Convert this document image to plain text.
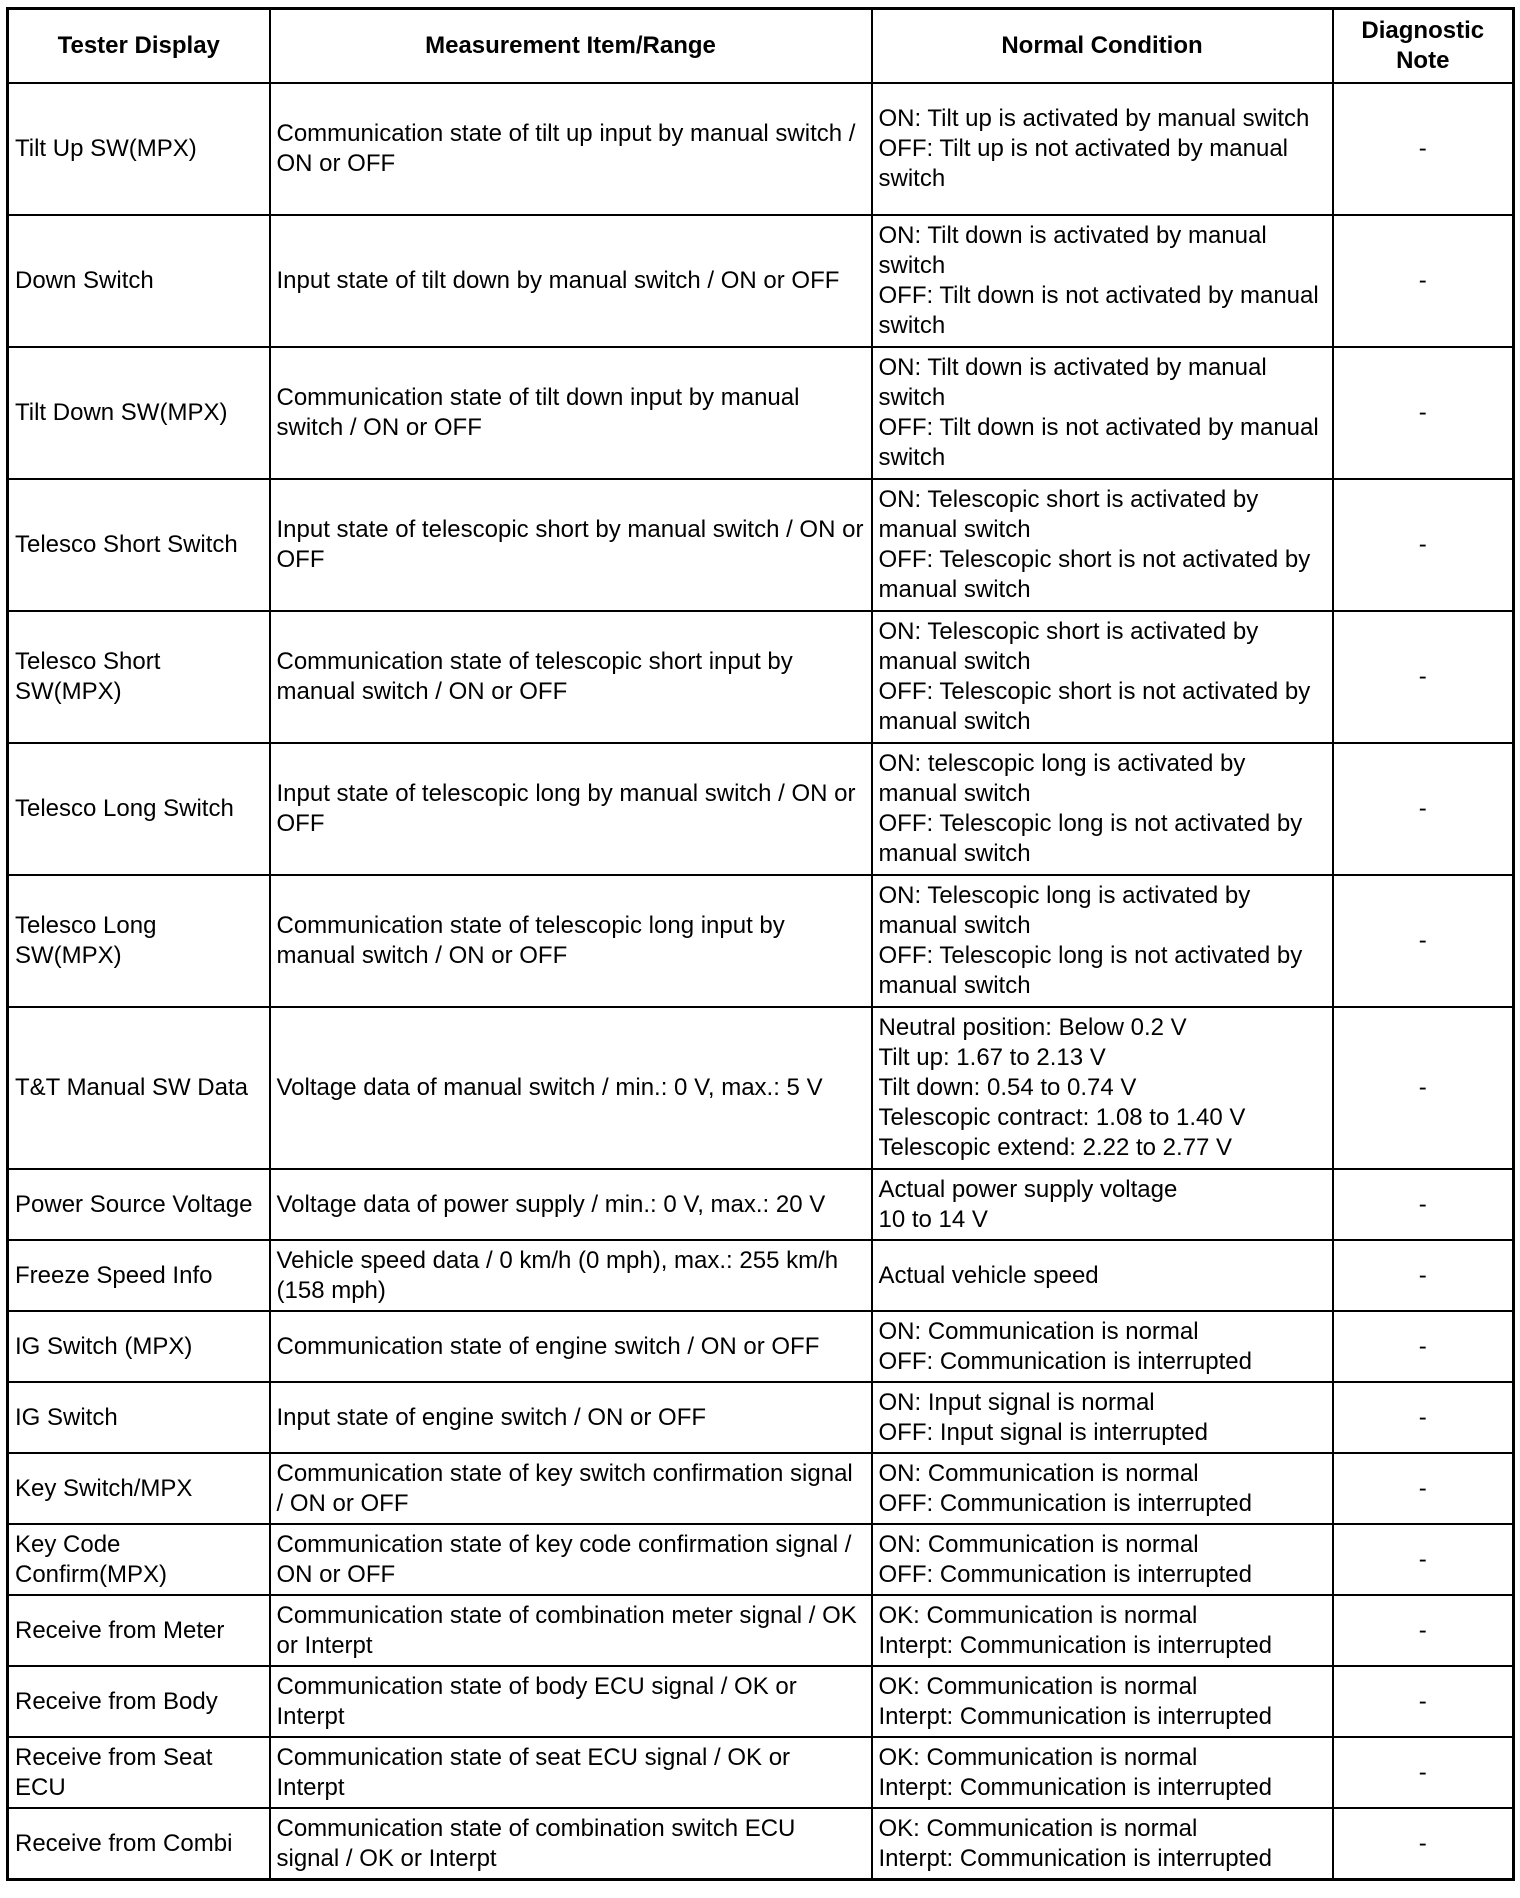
Tester Display	Measurement Item/Range	Normal Condition	Diagnostic Note
Tilt Up SW(MPX)	Communication state of tilt up input by manual switch / ON or OFF	ON: Tilt up is activated by manual switch
OFF: Tilt up is not activated by manual switch	-
Down Switch	Input state of tilt down by manual switch / ON or OFF	ON: Tilt down is activated by manual switch
OFF: Tilt down is not activated by manual switch	-
Tilt Down SW(MPX)	Communication state of tilt down input by manual switch / ON or OFF	ON: Tilt down is activated by manual switch
OFF: Tilt down is not activated by manual switch	-
Telesco Short Switch	Input state of telescopic short by manual switch / ON or OFF	ON: Telescopic short is activated by manual switch
OFF: Telescopic short is not activated by manual switch	-
Telesco Short SW(MPX)	Communication state of telescopic short input by manual switch / ON or OFF	ON: Telescopic short is activated by manual switch
OFF: Telescopic short is not activated by manual switch	-
Telesco Long Switch	Input state of telescopic long by manual switch / ON or OFF	ON: telescopic long is activated by manual switch
OFF: Telescopic long is not activated by manual switch	-
Telesco Long SW(MPX)	Communication state of telescopic long input by manual switch / ON or OFF	ON: Telescopic long is activated by manual switch
OFF: Telescopic long is not activated by manual switch	-
T&T Manual SW Data	Voltage data of manual switch / min.: 0 V, max.: 5 V	Neutral position: Below 0.2 V
Tilt up: 1.67 to 2.13 V
Tilt down: 0.54 to 0.74 V
Telescopic contract: 1.08 to 1.40 V
Telescopic extend: 2.22 to 2.77 V	-
Power Source Voltage	Voltage data of power supply / min.: 0 V, max.: 20 V	Actual power supply voltage
10 to 14 V	-
Freeze Speed Info	Vehicle speed data / 0 km/h (0 mph), max.: 255 km/h (158 mph)	Actual vehicle speed	-
IG Switch (MPX)	Communication state of engine switch / ON or OFF	ON: Communication is normal
OFF: Communication is interrupted	-
IG Switch	Input state of engine switch / ON or OFF	ON: Input signal is normal
OFF: Input signal is interrupted	-
Key Switch/MPX	Communication state of key switch confirmation signal / ON or OFF	ON: Communication is normal
OFF: Communication is interrupted	-
Key Code Confirm(MPX)	Communication state of key code confirmation signal / ON or OFF	ON: Communication is normal
OFF: Communication is interrupted	-
Receive from Meter	Communication state of combination meter signal / OK or Interpt	OK: Communication is normal
Interpt: Communication is interrupted	-
Receive from Body	Communication state of body ECU signal / OK or Interpt	OK: Communication is normal
Interpt: Communication is interrupted	-
Receive from Seat ECU	Communication state of seat ECU signal / OK or Interpt	OK: Communication is normal
Interpt: Communication is interrupted	-
Receive from Combi	Communication state of combination switch ECU signal / OK or Interpt	OK: Communication is normal
Interpt: Communication is interrupted	-
